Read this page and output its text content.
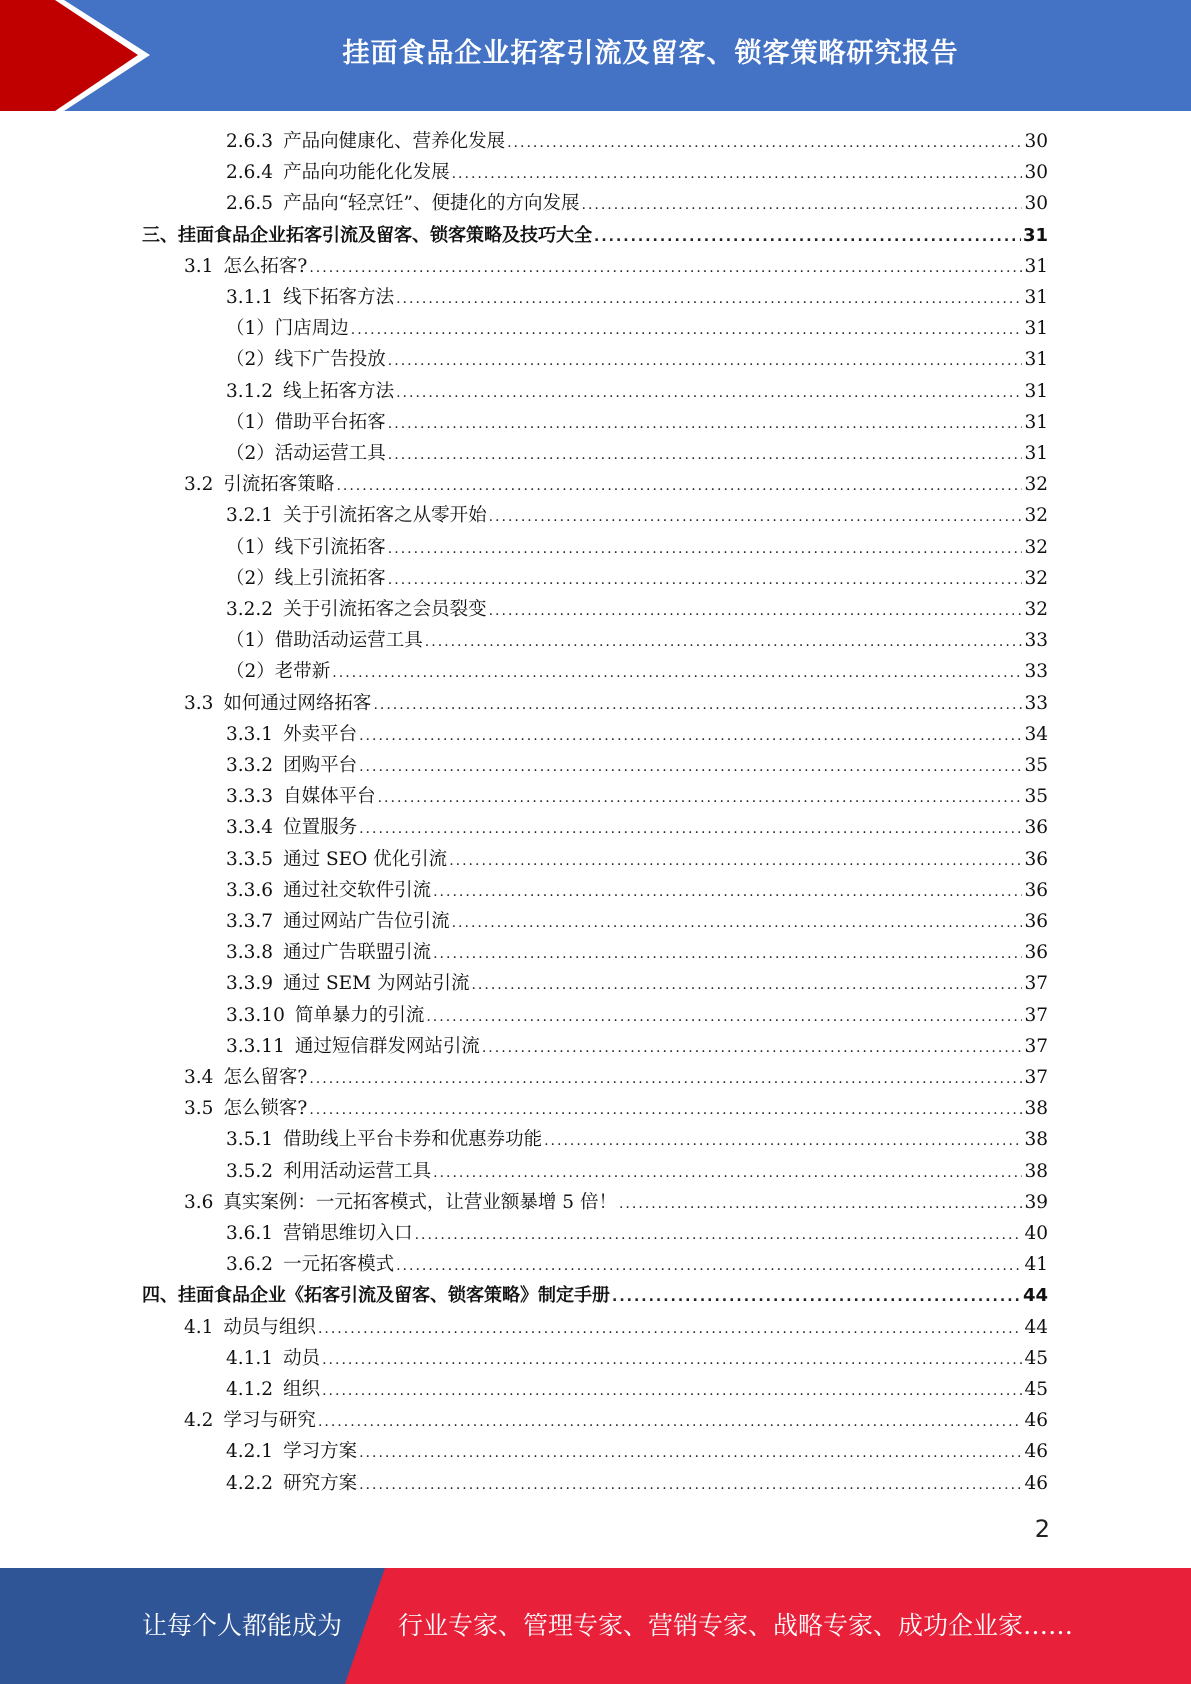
挂面食品企业拓客引流及留客、锁客策略研究报告
2.6.3 产品向健康化、营养化发展 .....	30
2.6.4 产品向功能化化发展 .....	30
2.6.5 产品向“轻烹饪”、便捷化的方向发展 .....	30
三、挂面食品企业拓客引流及留客、锁客策略及技巧大全 .....	31
3.1 怎么拓客? .....	31
3.1.1 线下拓客方法 .....	31
（1） 门店周边 .....	31
（2） 线下广告投放 .....	31
3.1.2 线上拓客方法 .....	31
（1） 借助平台拓客 .....	31
（2） 活动运营工具 .....	31
3.2 引流拓客策略 .....	32
3.2.1 关于引流拓客之从零开始 .....	32
（1） 线下引流拓客 .....	32
（2） 线上引流拓客 .....	32
3.2.2 关于引流拓客之会员裂变 .....	32
（1） 借助活动运营工具 .....	33
（2） 老带新 .....	33
3.3 如何通过网络拓客 .....	33
3.3.1 外卖平台 .....	34
3.3.2 团购平台 .....	35
3.3.3 自媒体平台 .....	35
3.3.4 位置服务 .....	36
3.3.5 通过 SEO 优化引流 .....	36
3.3.6 通过社交软件引流 .....	36
3.3.7 通过网站广告位引流 .....	36
3.3.8 通过广告联盟引流 .....	36
3.3.9 通过 SEM 为网站引流 .....	37
3.3.10 简单暴力的引流 .....	37
3.3.11 通过短信群发网站引流 .....	37
3.4 怎么留客? .....	37
3.5 怎么锁客? .....	38
3.5.1 借助线上平台卡券和优惠券功能 .....	38
3.5.2 利用活动运营工具 .....	38
3.6 真实案例：一元拓客模式，让营业额暴增 5 倍！ .....	39
3.6.1 营销思维切入口 .....	40
3.6.2 一元拓客模式 .....	41
四、挂面食品企业《拓客引流及留客、锁客策略》制定手册 .....	44
4.1 动员与组织 .....	44
4.1.1 动员 .....	45
4.1.2 组织 .....	45
4.2 学习与研究 .....	46
4.2.1 学习方案 .....	46
4.2.2 研究方案 .....	46
2
让每个人都能成为 行业专家、管理专家、营销专家、战略专家、成功企业家……
